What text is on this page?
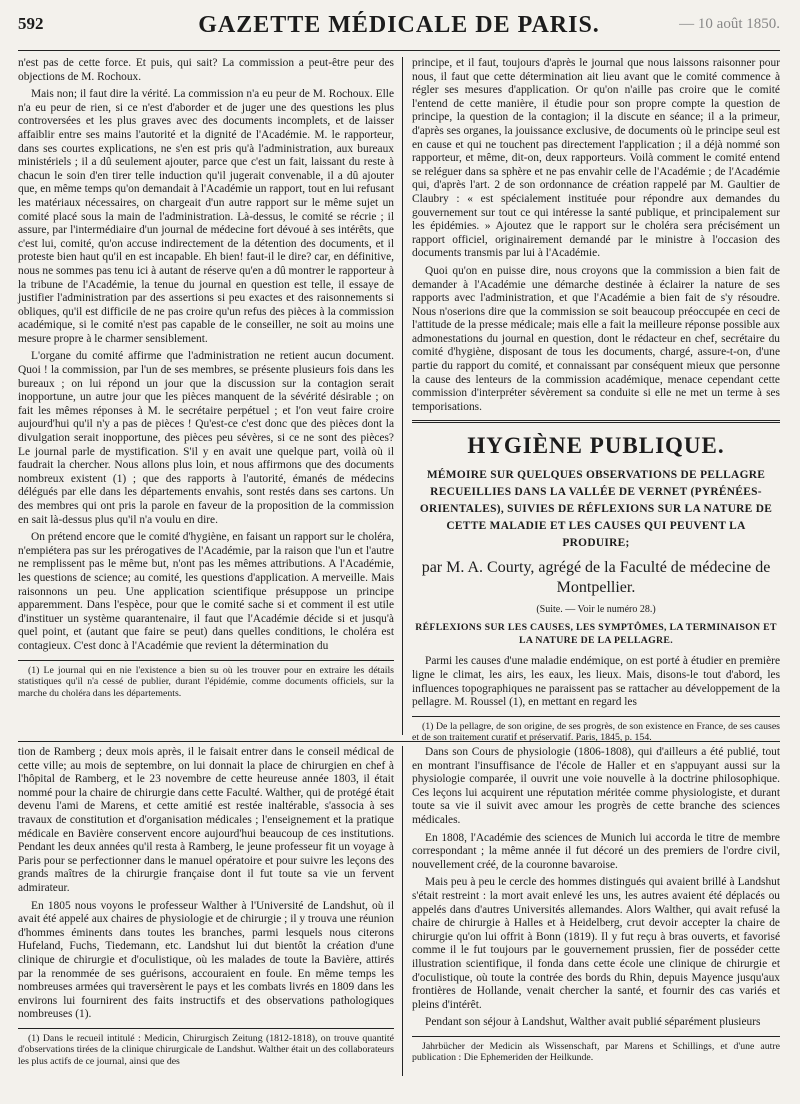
592	GAZETTE MÉDICALE DE PARIS.	— 10 août 1850.

n'est pas de cette force. Et puis, qui sait? La commission a peut-être peur des objections de M. Rochoux.

Mais non; il faut dire la vérité. La commission n'a eu peur de M. Rochoux. Elle n'a eu peur de rien, si ce n'est d'aborder et de juger une des questions les plus controversées et les plus graves avec des documents incomplets, et de laisser affaiblir entre ses mains l'autorité et la dignité de l'Académie. M. le rapporteur, dans ses courtes explications, ne s'en est pris qu'à l'administration, aux bureaux ministériels ; il a dû seulement ajouter, parce que c'est un fait, laissant du reste à chacun le soin d'en tirer telle induction qu'il jugerait convenable, il a dû ajouter que, en même temps qu'on demandait à l'Académie un rapport, tout en lui refusant les matériaux nécessaires, on chargeait d'un autre rapport sur le même sujet un comité placé sous la main de l'administration. Là-dessus, le comité se récrie ; il assure, par l'intermédiaire d'un journal de médecine fort dévoué à ses intérêts, que c'est lui, comité, qu'on accuse indirectement de la détention des documents, et il proteste bien haut qu'il en est incapable. Eh bien! faut-il le dire? car, en définitive, nous ne sommes pas tenu ici à autant de réserve qu'en a dû montrer le rapporteur à la tribune de l'Académie, la tenue du journal en question est telle, il essaye de justifier l'administration par des assertions si peu exactes et des raisonnements si obliques, qu'il est difficile de ne pas croire qu'un refus des pièces à la commission académique, si le comité n'est pas capable de le conseiller, ne soit au moins une mesure propre à le charmer sensiblement.

L'organe du comité affirme que l'administration ne retient aucun document. Quoi ! la commission, par l'un de ses membres, se présente plusieurs fois dans les bureaux ; on lui répond un jour que la discussion sur la contagion serait inopportune, un autre jour que les pièces manquent de la sévérité désirable ; on fait les mêmes réponses à M. le secrétaire perpétuel ; et l'on veut faire croire aujourd'hui qu'il n'y a pas de pièces ! Qu'est-ce c'est donc que des pièces dont la divulgation serait inopportune, des pièces peu sévères, si ce ne sont des pièces? Le journal parle de mystification. S'il y en avait une quelque part, voilà où il faudrait la chercher. Nous allons plus loin, et nous affirmons que des documents nombreux existent (1) ; que des rapports à l'autorité, émanés de médecins délégués par elle dans les départements envahis, sont restés dans ses cartons. Un des membres qui ont pris la parole en faveur de la proposition de la commission en sait là-dessus plus qu'il n'a voulu en dire.

On prétend encore que le comité d'hygiène, en faisant un rapport sur le choléra, n'empiétera pas sur les prérogatives de l'Académie, par la raison que l'un et l'autre ne remplissent pas le même but, n'ont pas les mêmes attributions. A l'Académie, les questions de science; au comité, les questions d'application. A merveille. Mais raisonnons un peu. Une application scientifique présuppose un principe apparemment. Dans l'espèce, pour que le comité sache si et comment il est utile d'instituer un système quarantenaire, il faut que l'Académie décide si et jusqu'à quel point, et (autant que faire se peut) dans quelles conditions, le choléra est contagieux. C'est donc à l'Académie que revient la détermination du

(1) Le journal qui en nie l'existence a bien su où les trouver pour en extraire les détails statistiques qu'il n'a cessé de publier, durant l'épidémie, comme documents officiels, sur la marche du choléra dans les départements.

principe, et il faut, toujours d'après le journal que nous laissons raisonner pour nous, il faut que cette détermination ait lieu avant que le comité commence à régler ses mesures d'application. Or qu'on n'aille pas croire que le comité l'entend de cette manière, il étudie pour son propre compte la question de principe, la question de la contagion; il la discute en séance; il a la primeur, d'après ses organes, la jouissance exclusive, de documents où le principe seul est en cause et qui ne touchent pas directement l'application ; il a déjà nommé son rapporteur, et même, dit-on, deux rapporteurs. Voilà comment le comité entend se reléguer dans sa sphère et ne pas envahir celle de l'Académie ; de l'Académie qui, d'après l'art. 2 de son ordonnance de création rappelé par M. Gaultier de Claubry : « est spécialement instituée pour répondre aux demandes du gouvernement sur tout ce qui intéresse la santé publique, et principalement sur les épidémies. » Ajoutez que le rapport sur le choléra sera précisément un rapport officiel, originairement demandé par le ministre à l'occasion des documents transmis par lui à l'Académie.

Quoi qu'on en puisse dire, nous croyons que la commission a bien fait de demander à l'Académie une démarche destinée à éclairer la nature de ses rapports avec l'administration, et que l'Académie a bien fait de s'y résoudre. Nous n'oserions dire que la commission se soit beaucoup préoccupée en ceci de l'attitude de la presse médicale; mais elle a fait la meilleure réponse possible aux admonestations du journal en question, dont le rédacteur en chef, secrétaire du comité d'hygiène, disposant de tous les documents, chargé, assure-t-on, d'une partie du rapport du comité, et connaissant par conséquent mieux que personne la cause des lenteurs de la commission académique, menace cependant cette commission d'interpréter sévèrement sa conduite si elle ne met un terme à ses temporisations.

HYGIÈNE PUBLIQUE.
MÉMOIRE SUR QUELQUES OBSERVATIONS DE PELLAGRE RECUEILLIES DANS LA VALLÉE DE VERNET (PYRÉNÉES-ORIENTALES), SUIVIES DE RÉFLEXIONS SUR LA NATURE DE CETTE MALADIE ET LES CAUSES QUI PEUVENT LA PRODUIRE;
par M. A. Courty, agrégé de la Faculté de médecine de Montpellier.
(Suite. — Voir le numéro 28.)
RÉFLEXIONS SUR LES CAUSES, LES SYMPTÔMES, LA TERMINAISON ET LA NATURE DE LA PELLAGRE.

Parmi les causes d'une maladie endémique, on est porté à étudier en première ligne le climat, les airs, les eaux, les lieux. Mais, disons-le tout d'abord, les influences topographiques ne paraissent pas se rattacher au développement de la pellagre. M. Roussel (1), en mettant en regard les

(1) De la pellagre, de son origine, de ses progrès, de son existence en France, de ses causes et de son traitement curatif et préservatif. Paris, 1845, p. 154.

tion de Ramberg ; deux mois après, il le faisait entrer dans le conseil médical de cette ville; au mois de septembre, on lui donnait la place de chirurgien en chef à l'hôpital de Ramberg, et le 23 novembre de cette heureuse année 1803, il était nommé pour la chaire de chirurgie dans cette Faculté. Walther, qui de protégé était devenu l'ami de Marens, et cette amitié est restée inaltérable, s'associa à ses travaux de constitution et d'organisation médicales ; l'enseignement et la pratique médicale en Bavière conservent encore aujourd'hui beaucoup de ces institutions. Pendant les deux années qu'il resta à Ramberg, le jeune professeur fit un voyage à Paris pour se perfectionner dans le manuel opératoire et pour suivre les leçons des grands maîtres de la chirurgie française dont il fut toute sa vie un fervent admirateur.

En 1805 nous voyons le professeur Walther à l'Université de Landshut, où il avait été appelé aux chaires de physiologie et de chirurgie ; il y trouva une réunion d'hommes éminents dans toutes les branches, parmi lesquels nous citerons Hufeland, Fuchs, Tiedemann, etc. Landshut lui dut bientôt la création d'une clinique de chirurgie et d'oculistique, où les malades de toute la Bavière, attirés par la renommée de ses guérisons, accouraient en foule. En même temps les nombreuses armées qui traversèrent le pays et les combats livrés en 1809 dans les environs lui fournirent des faits instructifs et des observations pathologiques nombreuses (1).

(1) Dans le recueil intitulé : Medicin, Chirurgisch Zeitung (1812-1818), on trouve quantité d'observations tirées de la clinique chirurgicale de Landshut. Walther était un des collaborateurs les plus actifs de ce journal, ainsi que des

Dans son Cours de physiologie (1806-1808), qui d'ailleurs a été publié, tout en montrant l'insuffisance de l'école de Haller et en s'appuyant aussi sur la physiologie comparée, il ouvrit une voie nouvelle à la doctrine philosophique. Ces leçons lui acquirent une réputation méritée comme physiologiste, et durant toute sa vie il suivit avec amour les progrès de cette branche des sciences médicales.

En 1808, l'Académie des sciences de Munich lui accorda le titre de membre correspondant ; la même année il fut décoré un des premiers de l'ordre civil, nouvellement créé, de la couronne bavaroise.

Mais peu à peu le cercle des hommes distingués qui avaient brillé à Landshut s'était restreint : la mort avait enlevé les uns, les autres avaient été déplacés ou appelés dans d'autres Universités allemandes. Alors Walther, qui avait refusé la chaire de chirurgie à Halles et à Heidelberg, crut devoir accepter la chaire de chirurgie qu'on lui offrit à Bonn (1819). Il y fut reçu à bras ouverts, et favorisé comme il le fut toujours par le gouvernement prussien, fier de posséder cette illustration scientifique, il fonda dans cette école une clinique de chirurgie et d'oculistique, où toute la contrée des bords du Rhin, depuis Mayence jusqu'aux frontières de Hollande, venait chercher la santé, et fournir des cas variés et pleins d'intérêt.

Pendant son séjour à Landshut, Walther avait publié séparément plusieurs

Jahrbücher der Medicin als Wissenschaft, par Marens et Schillings, et d'une autre publication : Die Ephemeriden der Heilkunde.
